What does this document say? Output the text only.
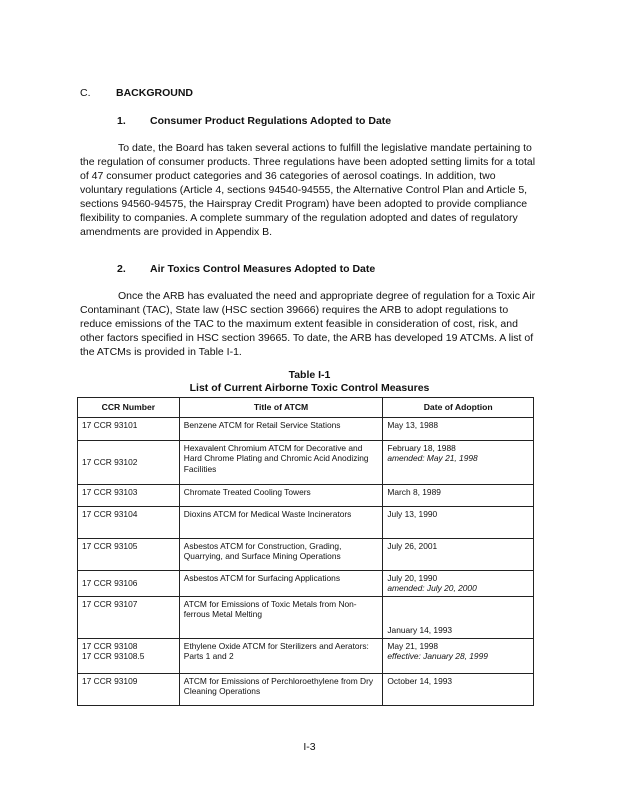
C. BACKGROUND
1. Consumer Product Regulations Adopted to Date

To date, the Board has taken several actions to fulfill the legislative mandate pertaining to the regulation of consumer products. Three regulations have been adopted setting limits for a total of 47 consumer product categories and 36 categories of aerosol coatings. In addition, two voluntary regulations (Article 4, sections 94540-94555, the Alternative Control Plan and Article 5, sections 94560-94575, the Hairspray Credit Program) have been adopted to provide compliance flexibility to companies. A complete summary of the regulation adopted and dates of regulatory amendments are provided in Appendix B.

2. Air Toxics Control Measures Adopted to Date

Once the ARB has evaluated the need and appropriate degree of regulation for a Toxic Air Contaminant (TAC), State law (HSC section 39666) requires the ARB to adopt regulations to reduce emissions of the TAC to the maximum extent feasible in consideration of cost, risk, and other factors specified in HSC section 39665. To date, the ARB has developed 19 ATCMs. A list of the ATCMs is provided in Table I-1.

Table I-1
List of Current Airborne Toxic Control Measures
CCR Number	Title of ATCM	Date of Adoption
17 CCR 93101	Benzene ATCM for Retail Service Stations	May 13, 1988

17 CCR 93102	Hexavalent Chromium ATCM for Decorative and Hard Chrome Plating and Chromic Acid Anodizing Facilities	February 18, 1988
amended: May 21, 1998

17 CCR 93103	Chromate Treated Cooling Towers	March 8, 1989

17 CCR 93104	Dioxins ATCM for Medical Waste Incinerators	July 13, 1990

17 CCR 93105	Asbestos ATCM for Construction, Grading, Quarrying, and Surface Mining Operations	July 26, 2001

17 CCR 93106	Asbestos ATCM for Surfacing Applications	July 20, 1990
amended: July 20, 2000

17 CCR 93107	ATCM for Emissions of Toxic Metals from Non-ferrous Metal Melting	January 14, 1993

17 CCR 93108
17 CCR 93108.5	Ethylene Oxide ATCM for Sterilizers and Aerators: Parts 1 and 2	May 21, 1998
effective: January 28, 1999

17 CCR 93109	ATCM for Emissions of Perchloroethylene from Dry Cleaning Operations	October 14, 1993
I-3
